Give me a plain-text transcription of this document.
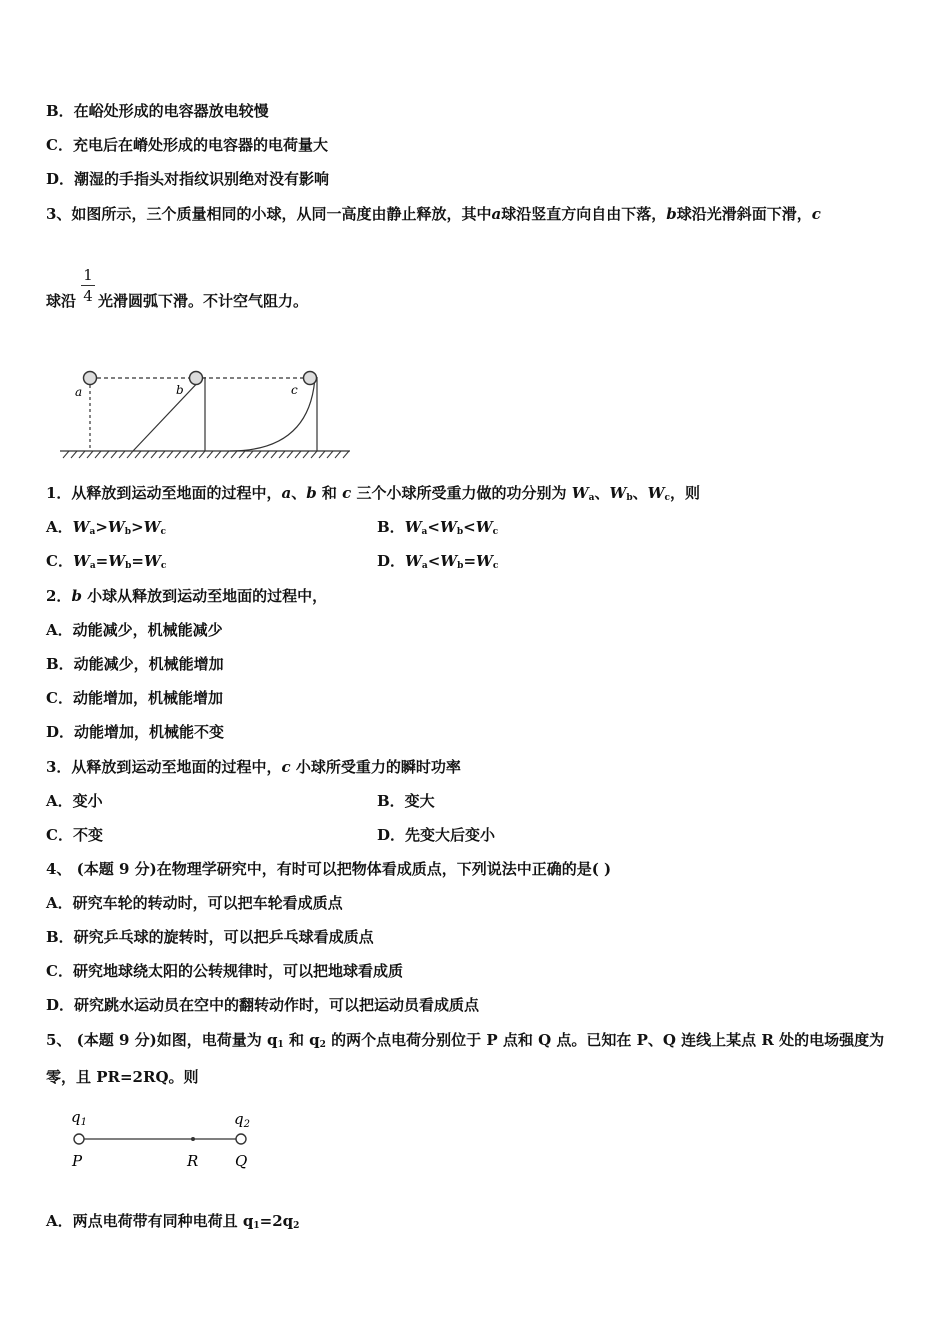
B．在峪处形成的电容器放电较慢
C．充电后在嵴处形成的电容器的电荷量大
D．潮湿的手指头对指纹识别绝对没有影响
3、如图所示，三个质量相同的小球，从同一高度由静止释放，其中a球沿竖直方向自由下落，b球沿光滑斜面下滑，c
球沿 光滑圆弧下滑。不计空气阻力。
1
4
a	b	c
1．从释放到运动至地面的过程中，a、b 和 c 三个小球所受重力做的功分别为 $W_a$、$W_b$、$W_c$，则
A．$W_a>W_b>W_c$	B．$W_a<W_b<W_c$
C．$W_a=W_b=W_c$	D．$W_a<W_b=W_c$
2．b 小球从释放到运动至地面的过程中，
A．动能减少，机械能减少
B．动能减少，机械能增加
C．动能增加，机械能增加
D．动能增加，机械能不变
3．从释放到运动至地面的过程中，c 小球所受重力的瞬时功率
A．变小	B．变大
C．不变	D．先变大后变小
4、 (本题 9 分)在物理学研究中，有时可以把物体看成质点，下列说法中正确的是( )
A．研究车轮的转动时，可以把车轮看成质点
B．研究乒乓球的旋转时，可以把乒乓球看成质点
C．研究地球绕太阳的公转规律时，可以把地球看成质
D．研究跳水运动员在空中的翻转动作时，可以把运动员看成质点
5、 (本题 9 分)如图，电荷量为 $q_1$ 和 $q_2$ 的两个点电荷分别位于 P 点和 Q 点。已知在 P、Q 连线上某点 R 处的电场强度为
零，且 PR=2RQ。则
$q_1$	$q_2$
P	R Q
A．两点电荷带有同种电荷且 $q_1=2q_2$
